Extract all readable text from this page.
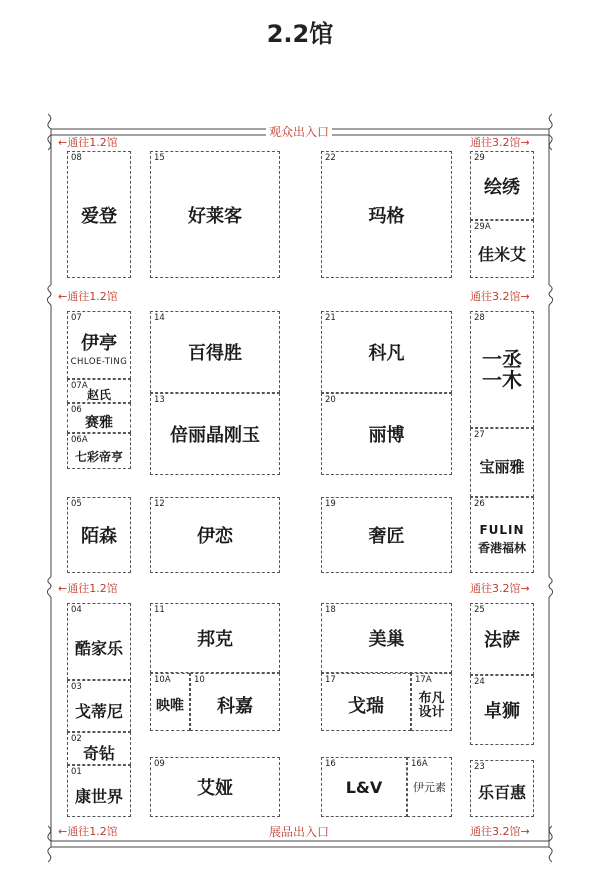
2.2馆
观众出入口
展品出入口
←通往1.2馆	通往3.2馆→
←通往1.2馆	通往3.2馆→
←通往1.2馆	通往3.2馆→
←通往1.2馆	通往3.2馆→
08
爱登
07
伊亭
CHLOE-TING
07A
赵氏
06
赛雅
06A
七彩帝亨
05
陌森
04
酷家乐
03
戈蒂尼
02
奇钻
01
康世界
15
好莱客
14
百得胜
13
倍丽晶刚玉
12
伊恋
11
邦克
10A
映唯
10
科嘉
09
艾娅
22
玛格
21
科凡
20
丽博
19
奢匠
18
美巢
17
戈瑞
17A
布凡
设计
16
L&V
16A
伊元素
29
绘绣
29A
佳米艾
28
一丞
一木
27
宝丽雅
26
FULIN
香港福林
25
法萨
24
卓狮
23
乐百惠
